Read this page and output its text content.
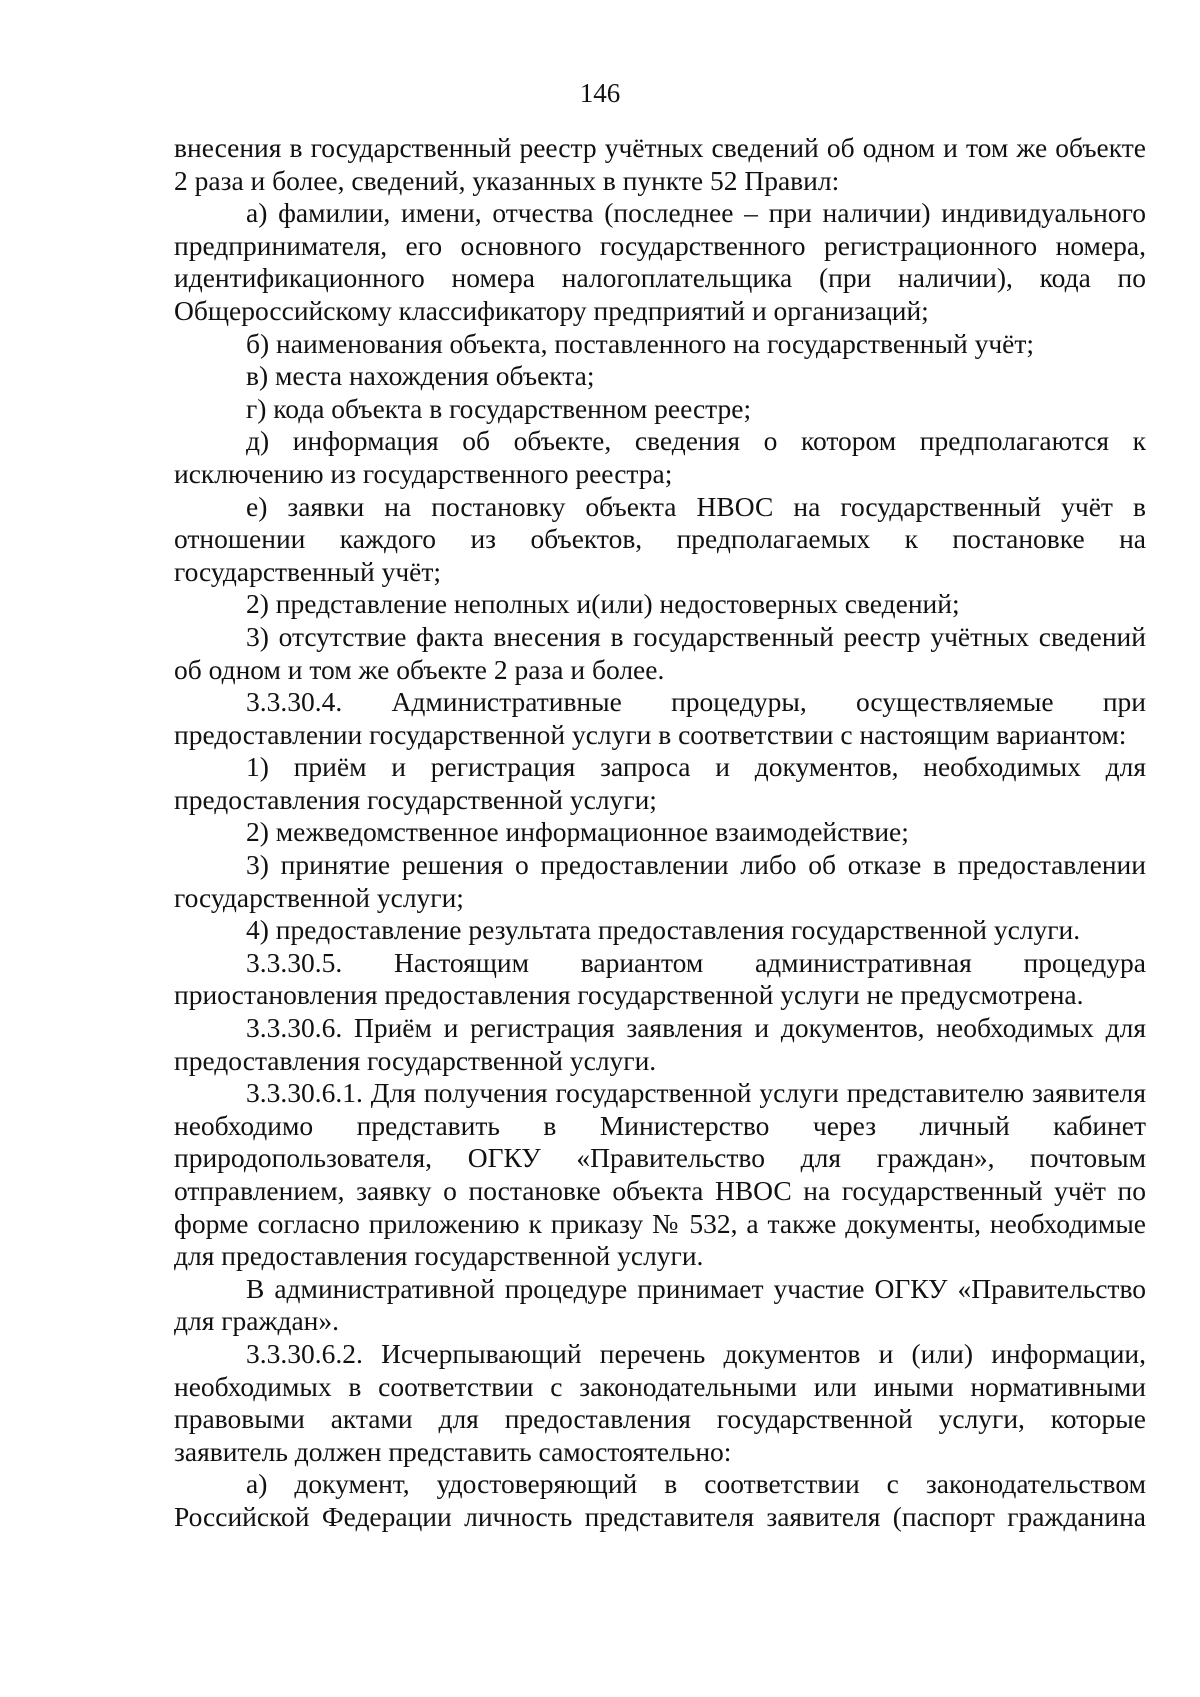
146

внесения в государственный реестр учётных сведений об одном и том же объекте 2 раза и более, сведений, указанных в пункте 52 Правил:

а) фамилии, имени, отчества (последнее – при наличии) индивидуального предпринимателя, его основного государственного регистрационного номера, идентификационного номера налогоплательщика (при наличии), кода по Общероссийскому классификатору предприятий и организаций;

б) наименования объекта, поставленного на государственный учёт;

в) места нахождения объекта;

г) кода объекта в государственном реестре;

д) информация об объекте, сведения о котором предполагаются к исключению из государственного реестра;

е) заявки на постановку объекта НВОС на государственный учёт в отношении каждого из объектов, предполагаемых к постановке на государственный учёт;

2) представление неполных и(или) недостоверных сведений;

3) отсутствие факта внесения в государственный реестр учётных сведений об одном и том же объекте 2 раза и более.

3.3.30.4. Административные процедуры, осуществляемые при предоставлении государственной услуги в соответствии с настоящим вариантом:

1) приём и регистрация запроса и документов, необходимых для предоставления государственной услуги;

2) межведомственное информационное взаимодействие;

3) принятие решения о предоставлении либо об отказе в предоставлении государственной услуги;

4) предоставление результата предоставления государственной услуги.

3.3.30.5. Настоящим вариантом административная процедура приостановления предоставления государственной услуги не предусмотрена.

3.3.30.6. Приём и регистрация заявления и документов, необходимых для предоставления государственной услуги.

3.3.30.6.1. Для получения государственной услуги представителю заявителя необходимо представить в Министерство через личный кабинет природопользователя, ОГКУ «Правительство для граждан», почтовым отправлением, заявку о постановке объекта НВОС на государственный учёт по форме согласно приложению к приказу № 532, а также документы, необходимые для предоставления государственной услуги.

В административной процедуре принимает участие ОГКУ «Правительство для граждан».

3.3.30.6.2. Исчерпывающий перечень документов и (или) информации, необходимых в соответствии с законодательными или иными нормативными правовыми актами для предоставления государственной услуги, которые заявитель должен представить самостоятельно:

а) документ, удостоверяющий в соответствии с законодательством Российской Федерации личность представителя заявителя (паспорт гражданина
